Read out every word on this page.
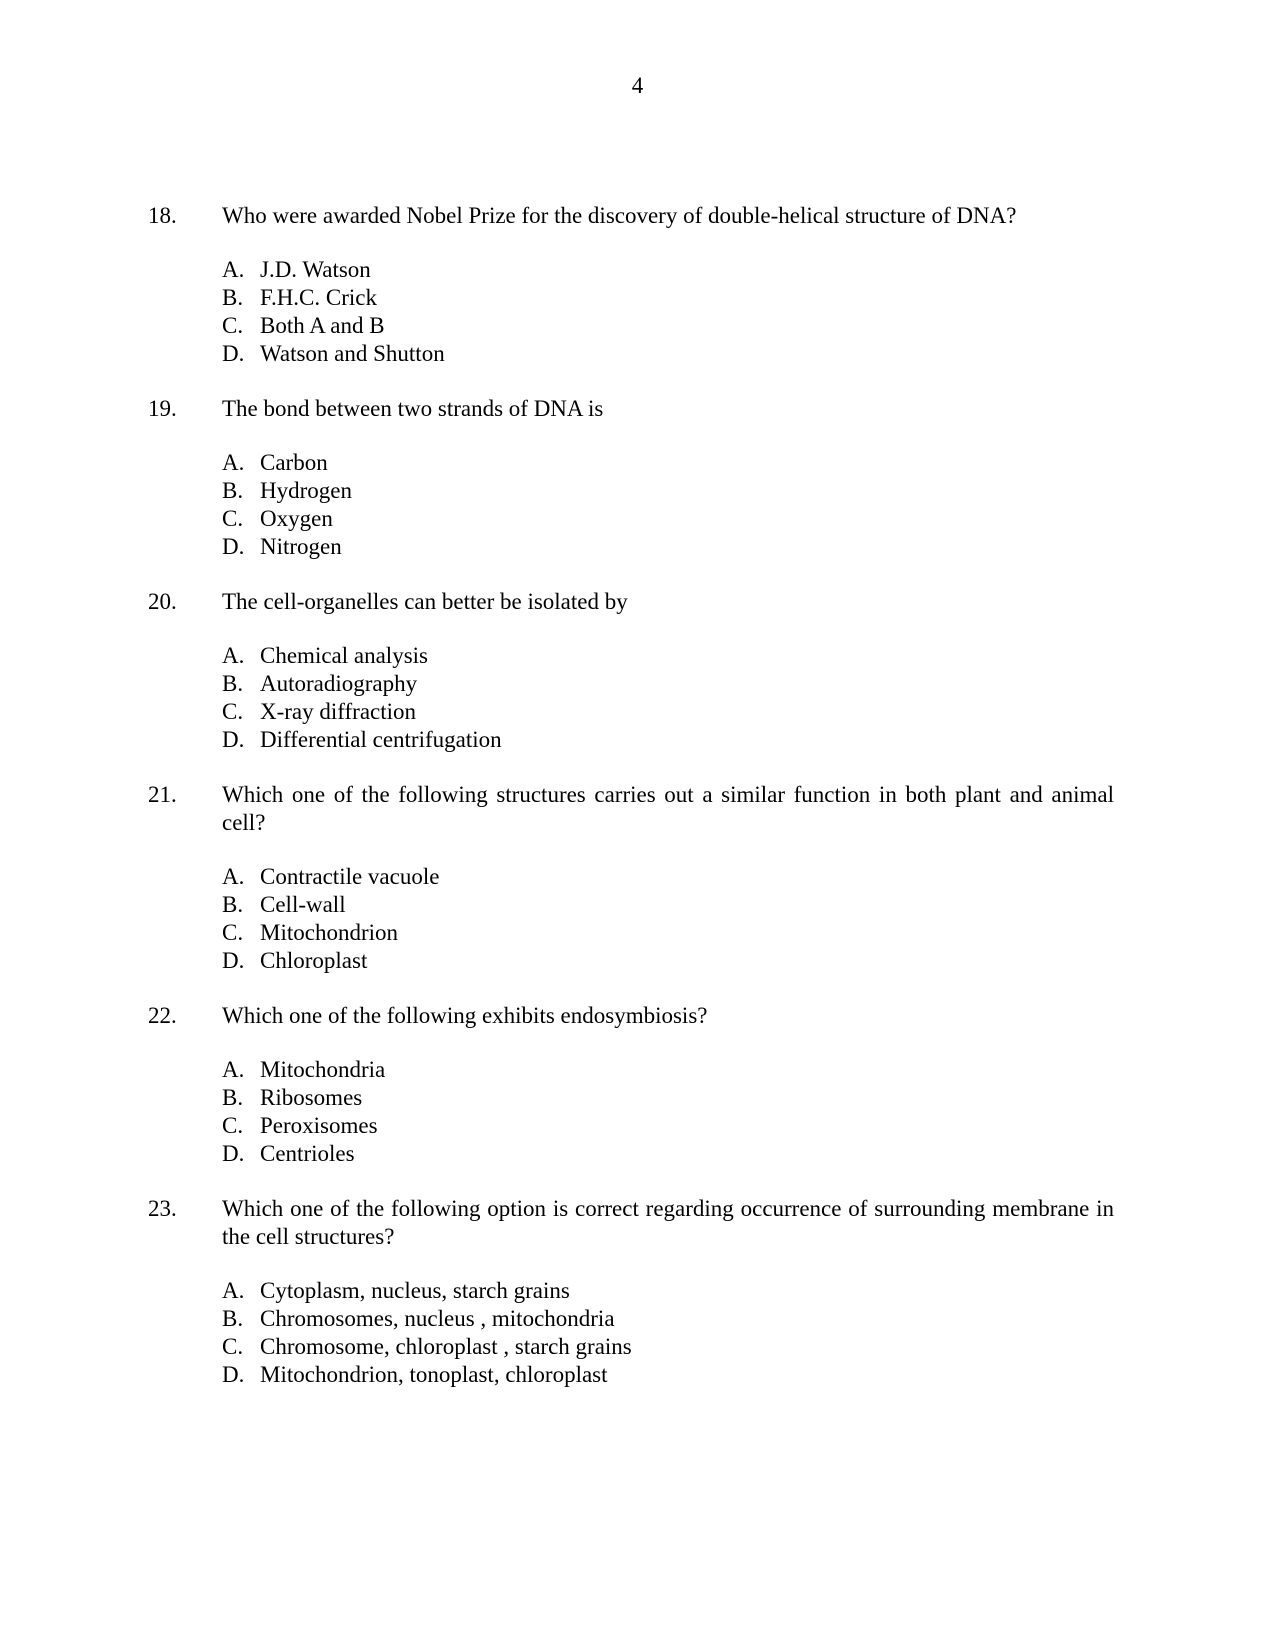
4
18. Who were awarded Nobel Prize for the discovery of double-helical structure of DNA?
A. J.D. Watson
B. F.H.C. Crick
C. Both A and B
D. Watson and Shutton
19. The bond between two strands of DNA is
A. Carbon
B. Hydrogen
C. Oxygen
D. Nitrogen
20. The cell-organelles can better be isolated by
A. Chemical analysis
B. Autoradiography
C. X-ray diffraction
D. Differential centrifugation
21. Which one of the following structures carries out a similar function in both plant and animal cell?
A. Contractile vacuole
B. Cell-wall
C. Mitochondrion
D. Chloroplast
22. Which one of the following exhibits endosymbiosis?
A. Mitochondria
B. Ribosomes
C. Peroxisomes
D. Centrioles
23. Which one of the following option is correct regarding occurrence of surrounding membrane in the cell structures?
A. Cytoplasm, nucleus, starch grains
B. Chromosomes, nucleus , mitochondria
C. Chromosome, chloroplast , starch grains
D. Mitochondrion, tonoplast, chloroplast
